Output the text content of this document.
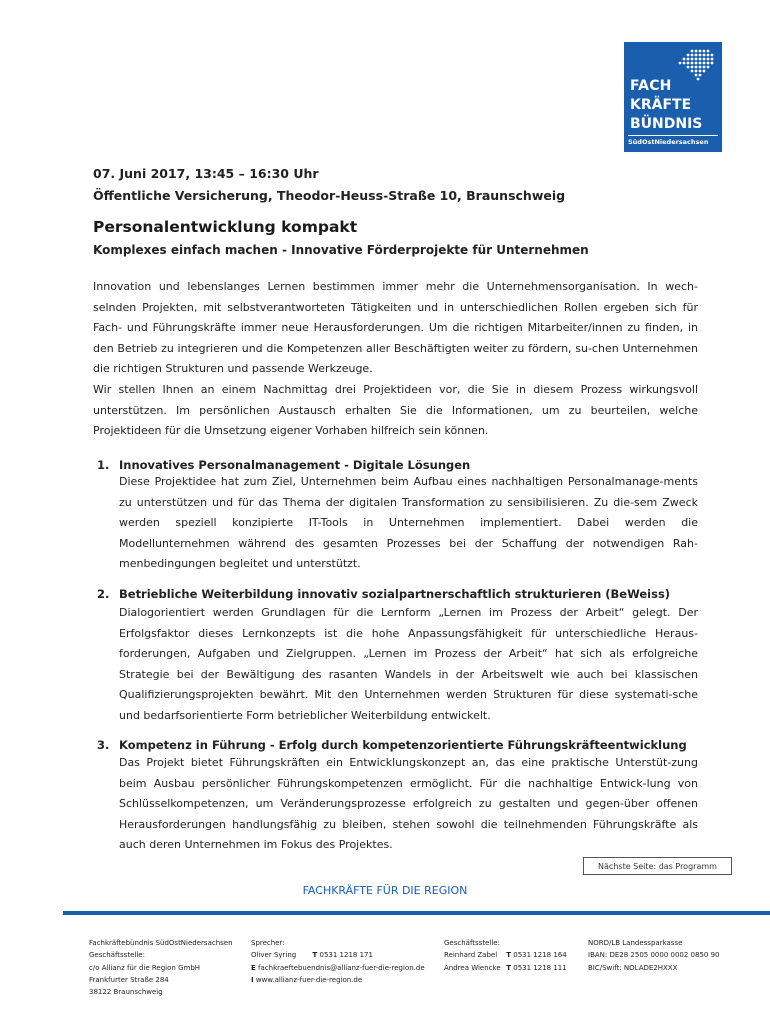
FACH
KRÄFTE
BÜNDNIS
SüdOstNiedersachsen
07. Juni 2017, 13:45 – 16:30 Uhr
Öffentliche Versicherung, Theodor-Heuss-Straße 10, Braunschweig
Personalentwicklung kompakt
Komplexes einfach machen - Innovative Förderprojekte für Unternehmen
Innovation und lebenslanges Lernen bestimmen immer mehr die Unternehmensorganisation. In wech-selnden Projekten, mit selbstverantworteten Tätigkeiten und in unterschiedlichen Rollen ergeben sich für Fach- und Führungskräfte immer neue Herausforderungen. Um die richtigen Mitarbeiter/innen zu finden, in den Betrieb zu integrieren und die Kompetenzen aller Beschäftigten weiter zu fördern, su-chen Unternehmen die richtigen Strukturen und passende Werkzeuge.
Wir stellen Ihnen an einem Nachmittag drei Projektideen vor, die Sie in diesem Prozess wirkungsvoll unterstützen. Im persönlichen Austausch erhalten Sie die Informationen, um zu beurteilen, welche Projektideen für die Umsetzung eigener Vorhaben hilfreich sein können.
1. Innovatives Personalmanagement - Digitale Lösungen
Diese Projektidee hat zum Ziel, Unternehmen beim Aufbau eines nachhaltigen Personalmanage-ments zu unterstützen und für das Thema der digitalen Transformation zu sensibilisieren. Zu die-sem Zweck werden speziell konzipierte IT-Tools in Unternehmen implementiert. Dabei werden die Modellunternehmen während des gesamten Prozesses bei der Schaffung der notwendigen Rah-menbedingungen begleitet und unterstützt.
2. Betriebliche Weiterbildung innovativ sozialpartnerschaftlich strukturieren (BeWeiss)
Dialogorientiert werden Grundlagen für die Lernform „Lernen im Prozess der Arbeit“ gelegt. Der Erfolgsfaktor dieses Lernkonzepts ist die hohe Anpassungsfähigkeit für unterschiedliche Heraus-forderungen, Aufgaben und Zielgruppen. „Lernen im Prozess der Arbeit“ hat sich als erfolgreiche Strategie bei der Bewältigung des rasanten Wandels in der Arbeitswelt wie auch bei klassischen Qualifizierungsprojekten bewährt. Mit den Unternehmen werden Strukturen für diese systemati-sche und bedarfsorientierte Form betrieblicher Weiterbildung entwickelt.
3. Kompetenz in Führung - Erfolg durch kompetenzorientierte Führungskräfteentwicklung
Das Projekt bietet Führungskräften ein Entwicklungskonzept an, das eine praktische Unterstüt-zung beim Ausbau persönlicher Führungskompetenzen ermöglicht. Für die nachhaltige Entwick-lung von Schlüsselkompetenzen, um Veränderungsprozesse erfolgreich zu gestalten und gegen-über offenen Herausforderungen handlungsfähig zu bleiben, stehen sowohl die teilnehmenden Führungskräfte als auch deren Unternehmen im Fokus des Projektes.
Nächste Seite: das Programm
FACHKRÄFTE FÜR DIE REGION
Fachkräftebündnis SüdOstNiedersachsen
Geschäftsstelle:
c/o Allianz für die Region GmbH
Frankfurter Straße 284
38122 Braunschweig
Sprecher:
Oliver Syring T 0531 1218 171
E fachkraeftebuendnis@allianz-fuer-die-region.de
I www.allianz-fuer-die-region.de
Geschäftsstelle:
Reinhard Zabel T 0531 1218 164
Andrea Wiencke T 0531 1218 111
NORD/LB Landessparkasse
IBAN: DE28 2505 0000 0002 0850 90
BIC/Swift: NOLADE2HXXX
